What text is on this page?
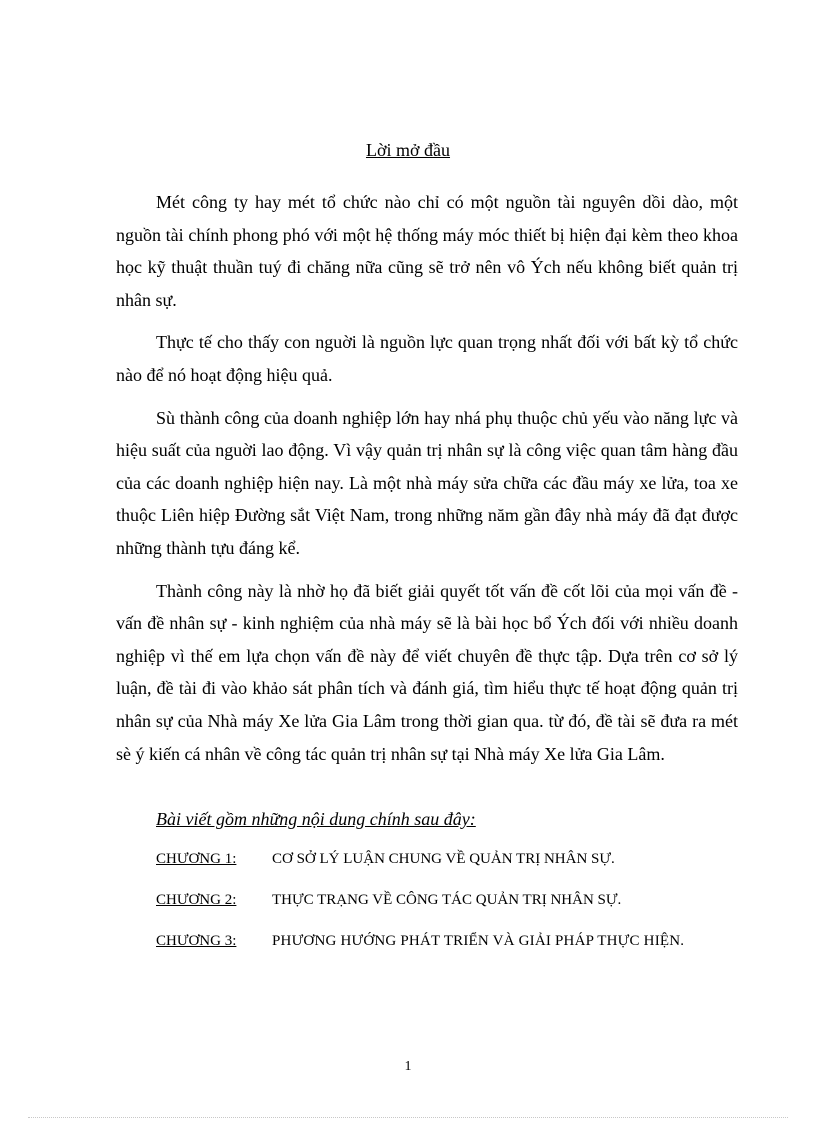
Lời mở đầu

Mét công ty hay mét tổ chức nào chỉ có một nguồn tài nguyên dồi dào, một nguồn tài chính phong phó với một hệ thống máy móc thiết bị hiện đại kèm theo khoa học kỹ thuật thuần tuý đi chăng nữa cũng sẽ trở nên vô Ých nếu không biết quản trị nhân sự.

Thực tế cho thấy con nguời là nguồn lực quan trọng nhất đối với bất kỳ tổ chức nào để nó hoạt động hiệu quả.

Sù thành công của doanh nghiệp lớn hay nhá phụ thuộc chủ yếu vào năng lực và hiệu suất của nguời lao động. Vì vậy quản trị nhân sự là công việc quan tâm hàng đầu của các doanh nghiệp hiện nay. Là một nhà máy sửa chữa các đầu máy xe lửa, toa xe thuộc Liên hiệp Đường sắt Việt Nam, trong những năm gần đây nhà máy đã đạt được những thành tựu đáng kể.

Thành công này là nhờ họ đã biết giải quyết tốt vấn đề cốt lõi của mọi vấn đề - vấn đề nhân sự - kinh nghiệm của nhà máy sẽ là bài học bổ Ých đối với nhiều doanh nghiệp vì thế em lựa chọn vấn đề này để viết chuyên đề thực tập. Dựa trên cơ sở lý luận, đề tài đi vào khảo sát phân tích và đánh giá, tìm hiểu thực tế hoạt động quản trị nhân sự của Nhà máy Xe lửa Gia Lâm trong thời gian qua. từ đó, đề tài sẽ đưa ra mét sè ý kiến cá nhân về công tác quản trị nhân sự tại Nhà máy Xe lửa Gia Lâm.

Bài viết gồm những nội dung chính sau đây:
CHƯƠNG 1:	CƠ SỞ LÝ LUẬN CHUNG VỀ QUẢN TRỊ NHÂN SỰ.
CHƯƠNG 2:	THỰC TRẠNG VỀ CÔNG TÁC QUẢN TRỊ NHÂN SỰ.
CHƯƠNG 3:	PHƯƠNG HƯỚNG PHÁT TRIỂN VÀ GIẢI PHÁP THỰC HIỆN.
1
